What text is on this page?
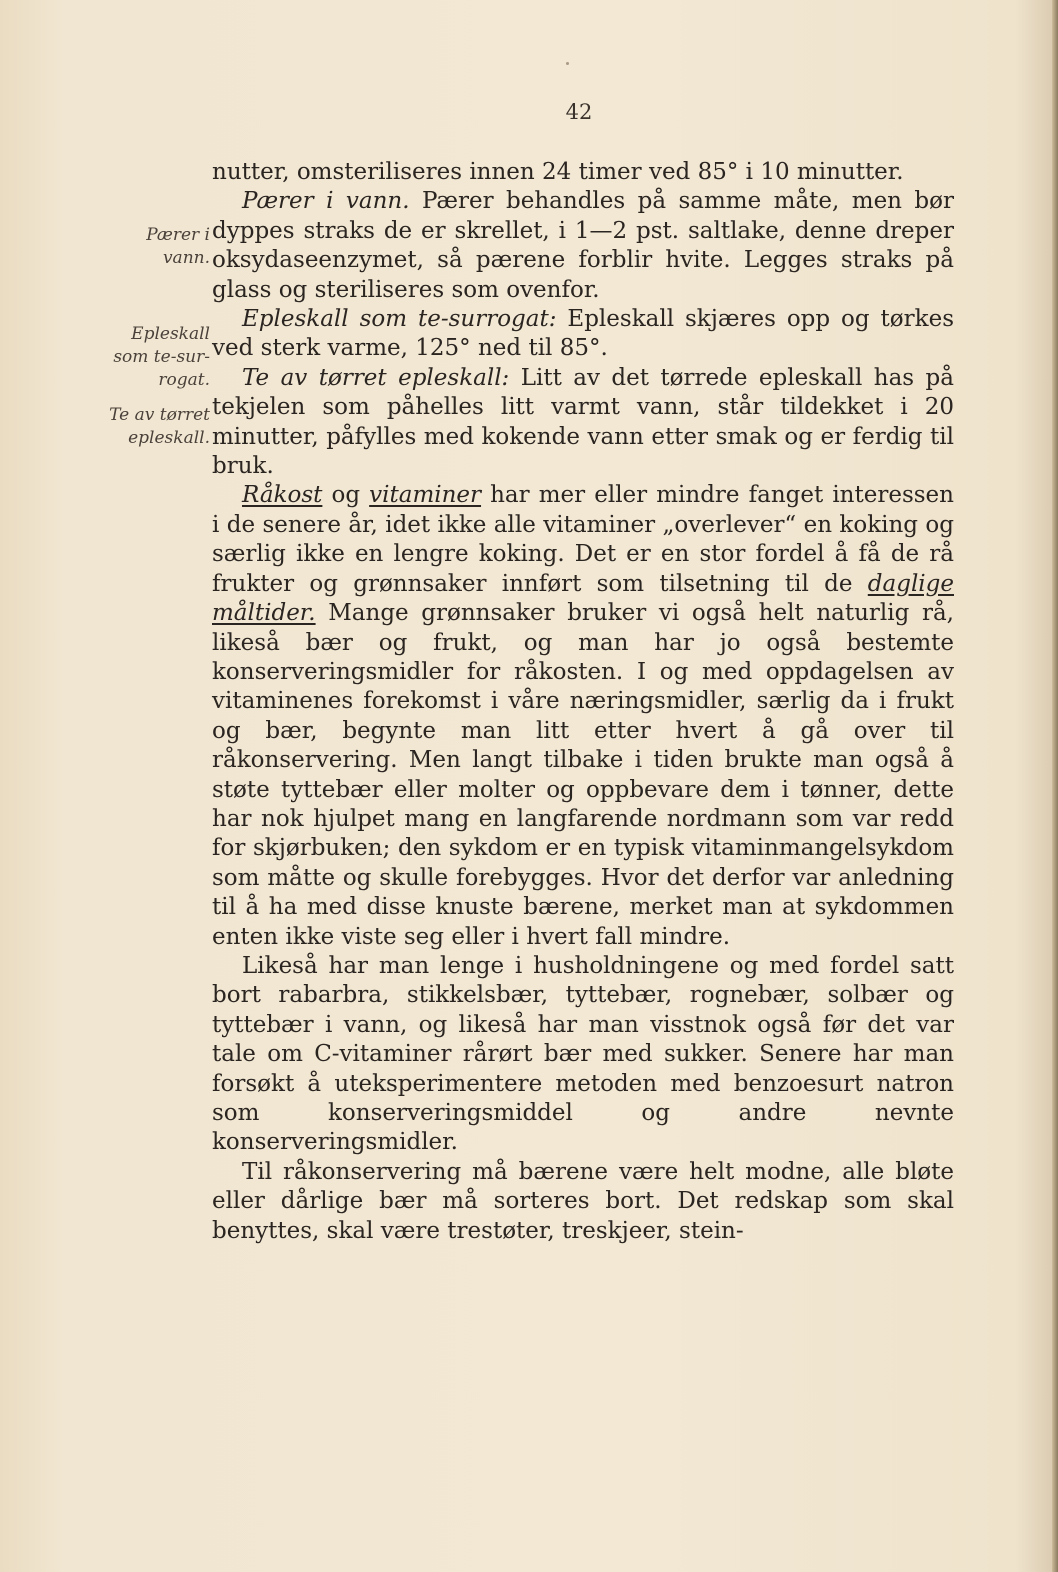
42

Pærer i
vann.

Epleskall
som te-sur-
rogat.

Te av tørret
epleskall.

nutter, omsteriliseres innen 24 timer ved 85° i 10 minutter.

Pærer i vann. Pærer behandles på samme måte, men bør dyppes straks de er skrellet, i 1—2 pst. saltlake, denne dreper oksydaseenzymet, så pærene forblir hvite. Legges straks på glass og steriliseres som ovenfor.

Epleskall som te-surrogat: Epleskall skjæres opp og tørkes ved sterk varme, 125° ned til 85°.

Te av tørret epleskall: Litt av det tørrede epleskall has på tekjelen som påhelles litt varmt vann, står tildekket i 20 minutter, påfylles med kokende vann etter smak og er ferdig til bruk.

Råkost og vitaminer har mer eller mindre fanget interessen i de senere år, idet ikke alle vitaminer „overlever“ en koking og særlig ikke en lengre koking. Det er en stor fordel å få de rå frukter og grønnsaker innført som tilsetning til de daglige måltider. Mange grønnsaker bruker vi også helt naturlig rå, likeså bær og frukt, og man har jo også bestemte konserveringsmidler for råkosten. I og med oppdagelsen av vitaminenes forekomst i våre næringsmidler, særlig da i frukt og bær, begynte man litt etter hvert å gå over til råkonservering. Men langt tilbake i tiden brukte man også å støte tyttebær eller molter og oppbevare dem i tønner, dette har nok hjulpet mang en langfarende nordmann som var redd for skjørbuken; den sykdom er en typisk vitaminmangelsykdom som måtte og skulle forebygges. Hvor det derfor var anledning til å ha med disse knuste bærene, merket man at sykdommen enten ikke viste seg eller i hvert fall mindre.

Likeså har man lenge i husholdningene og med fordel satt bort rabarbra, stikkelsbær, tyttebær, rognebær, solbær og tyttebær i vann, og likeså har man visstnok også før det var tale om C-vitaminer rårørt bær med sukker. Senere har man forsøkt å uteksperimentere metoden med benzoesurt natron som konserveringsmiddel og andre nevnte konserveringsmidler.

Til råkonservering må bærene være helt modne, alle bløte eller dårlige bær må sorteres bort. Det redskap som skal benyttes, skal være trestøter, treskjeer, stein-
